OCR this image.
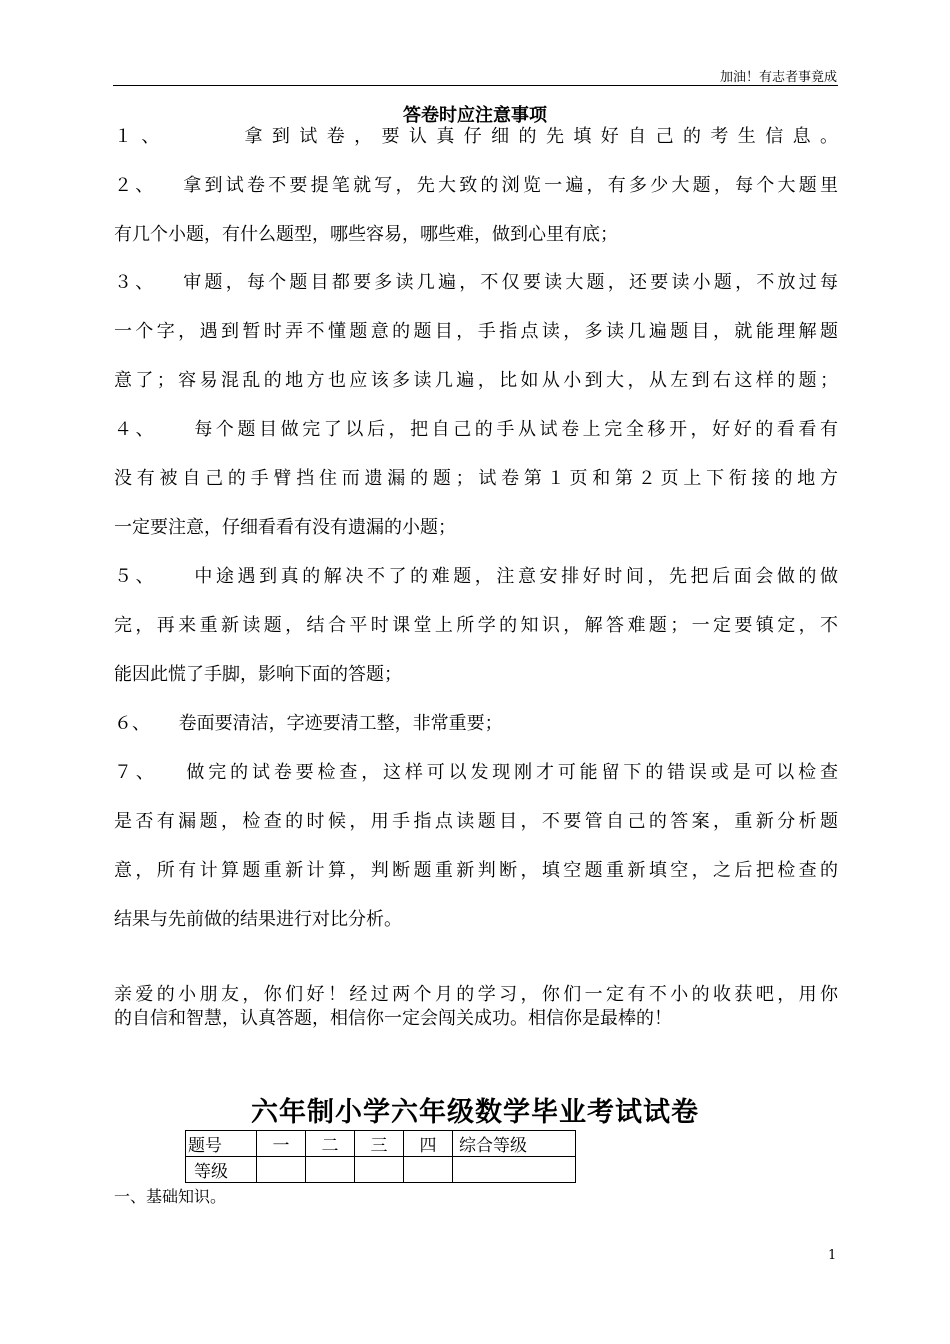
加油！有志者事竟成
答卷时应注意事项
１、	拿到试卷，要认真仔细的先填好自己的考生信息。
２、 拿到试卷不要提笔就写，先大致的浏览一遍，有多少大题，每个大题里
有几个小题，有什么题型，哪些容易，哪些难，做到心里有底；
３、 审题，每个题目都要多读几遍，不仅要读大题，还要读小题，不放过每
一个字，遇到暂时弄不懂题意的题目，手指点读，多读几遍题目，就能理解题
意了；容易混乱的地方也应该多读几遍，比如从小到大，从左到右这样的题；
４、 每个题目做完了以后，把自己的手从试卷上完全移开，好好的看看有
没有被自己的手臂挡住而遗漏的题；试卷第１页和第２页上下衔接的地方
一定要注意，仔细看看有没有遗漏的小题；
５、 中途遇到真的解决不了的难题，注意安排好时间，先把后面会做的做
完，再来重新读题，结合平时课堂上所学的知识，解答难题；一定要镇定，不
能因此慌了手脚，影响下面的答题；
６、 卷面要清洁，字迹要清工整，非常重要；
７、 做完的试卷要检查，这样可以发现刚才可能留下的错误或是可以检查
是否有漏题，检查的时候，用手指点读题目，不要管自己的答案，重新分析题
意，所有计算题重新计算，判断题重新判断，填空题重新填空，之后把检查的
结果与先前做的结果进行对比分析。
亲爱的小朋友，你们好！经过两个月的学习，你们一定有不小的收获吧，用你
的自信和智慧，认真答题，相信你一定会闯关成功。相信你是最棒的！
六年制小学六年级数学毕业考试试卷
题号	一	二	三	四	综合等级
等级					
一、基础知识。
1
